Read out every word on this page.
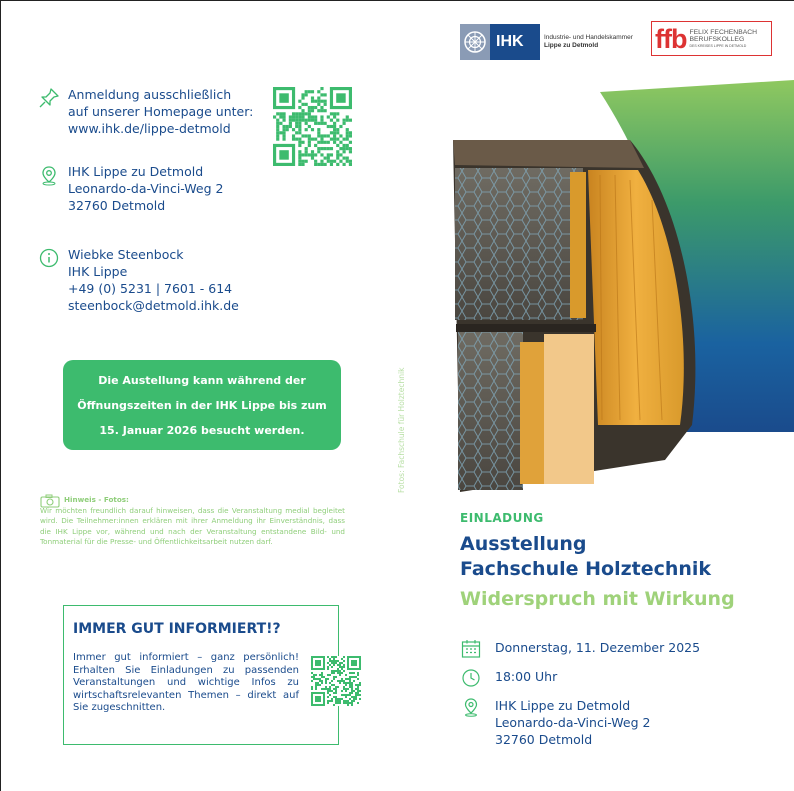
Anmeldung ausschließlich
auf unserer Homepage unter:
www.ihk.de/lippe-detmold
IHK Lippe zu Detmold
Leonardo-da-Vinci-Weg 2
32760 Detmold
Wiebke Steenbock
IHK Lippe
+49 (0) 5231 | 7601 - 614
steenbock@detmold.ihk.de
Die Austellung kann während der
Öffnungszeiten in der IHK Lippe bis zum
15. Januar 2026 besucht werden.
Hinweis - Fotos:
Wir möchten freundlich darauf hinweisen, dass die Veranstaltung medial begleitet wird. Die Teilnehmer:innen erklären mit ihrer Anmeldung ihr Einverständnis, dass die IHK Lippe vor, während und nach der Veranstaltung entstandene Bild- und Tonmaterial für die Presse- und Öffentlichkeitsarbeit nutzen darf.
Fotos: Fachschule für Holztechnik
IMMER GUT INFORMIERT!?
Immer gut informiert – ganz persönlich! Erhalten Sie Einladungen zu passenden Veranstaltungen und wichtige Infos zu wirtschaftsrelevanten Themen – direkt auf Sie zugeschnitten.
IHK	Industrie- und Handelskammer
Lippe zu Detmold	ffb FELIX FECHENBACH
BERUFSKOLLEG
DES KREISES LIPPE IN DETMOLD
EINLADUNG
Ausstellung
Fachschule Holztechnik
Widerspruch mit Wirkung
Donnerstag, 11. Dezember 2025
18:00 Uhr
IHK Lippe zu Detmold
Leonardo-da-Vinci-Weg 2
32760 Detmold
